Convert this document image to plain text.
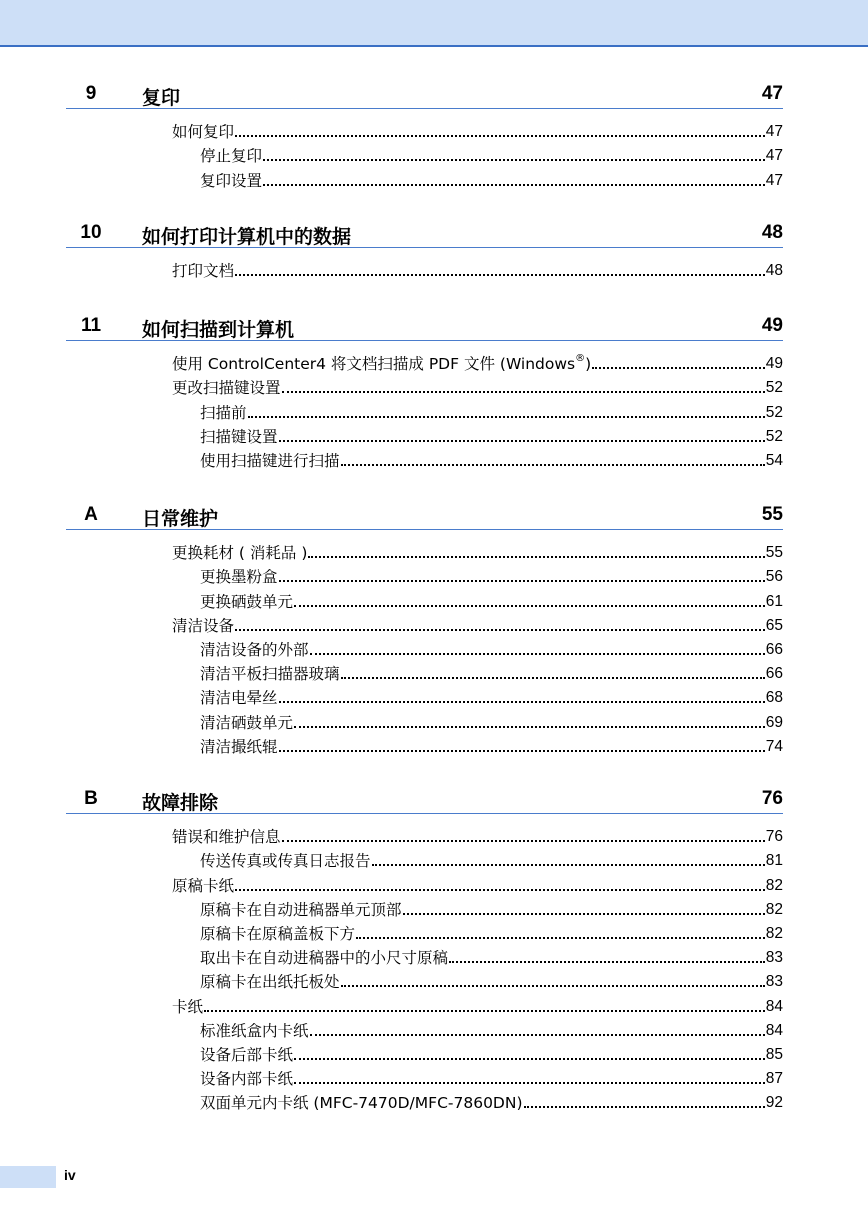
9	复印	47
如何复印	47
停止复印	47
复印设置	47
10	如何打印计算机中的数据	48
打印文档	48
11	如何扫描到计算机	49
使用 ControlCenter4 将文档扫描成 PDF 文件 (Windows®)	49
更改扫描键设置	52
扫描前	52
扫描键设置	52
使用扫描键进行扫描	54
A	日常维护	55
更换耗材 ( 消耗品 )	55
更换墨粉盒	56
更换硒鼓单元	61
清洁设备	65
清洁设备的外部	66
清洁平板扫描器玻璃	66
清洁电晕丝	68
清洁硒鼓单元	69
清洁撮纸辊	74
B	故障排除	76
错误和维护信息	76
传送传真或传真日志报告	81
原稿卡纸	82
原稿卡在自动进稿器单元顶部	82
原稿卡在原稿盖板下方	82
取出卡在自动进稿器中的小尺寸原稿	83
原稿卡在出纸托板处	83
卡纸	84
标准纸盒内卡纸	84
设备后部卡纸	85
设备内部卡纸	87
双面单元内卡纸 (MFC-7470D/MFC-7860DN)	92
iv
